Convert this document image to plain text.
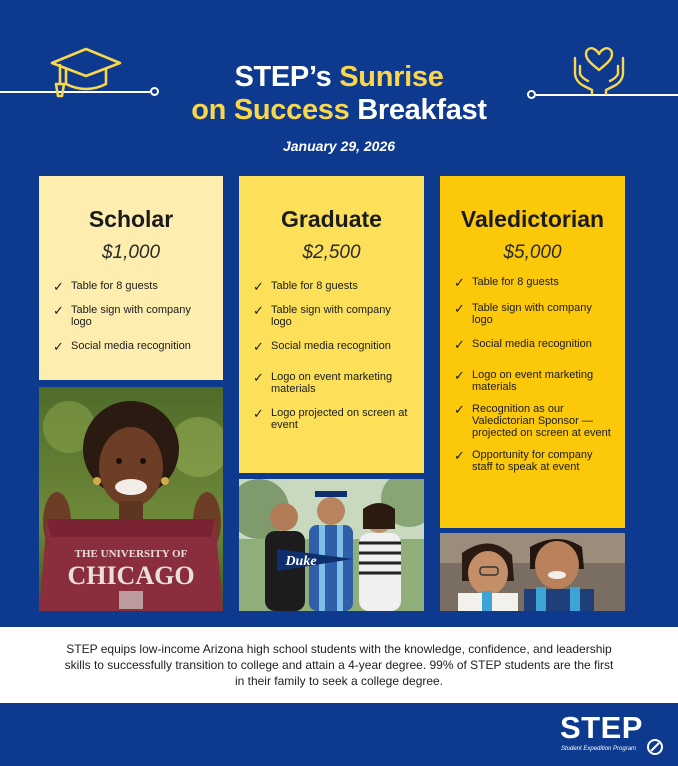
STEP’s Sunrise
on Success Breakfast
January 29, 2026
Scholar
$1,000
✓ Table for 8 guests
✓ Table sign with company logo
✓ Social media recognition
Graduate
$2,500
✓ Table for 8 guests
✓ Table sign with company logo
✓ Social media recognition
✓ Logo on event marketing materials
✓ Logo projected on screen at event
Valedictorian
$5,000
✓ Table for 8 guests
✓ Table sign with company logo
✓ Social media recognition
✓ Logo on event marketing materials
✓ Recognition as our Valedictorian Sponsor — projected on screen at event
✓ Opportunity for company staff to speak at event
THE UNIVERSITY OF
CHICAGO	Duke

STEP equips low-income Arizona high school students with the knowledge, confidence, and leadership skills to successfully transition to college and attain a 4-year degree. 99% of STEP students are the first in their family to seek a college degree.

STEP
Student Expedition Program
